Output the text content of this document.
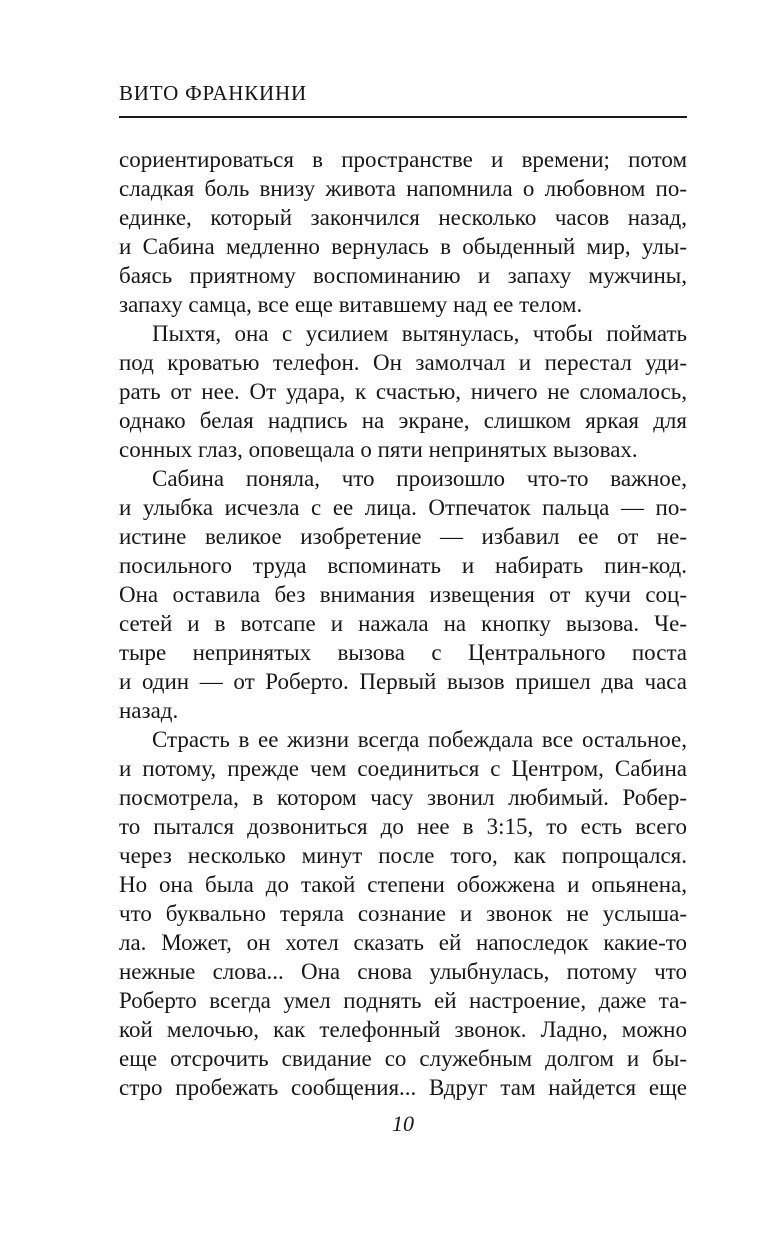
ВИТО ФРАНКИНИ
сориентироваться в пространстве и времени; потом
сладкая боль внизу живота напомнила о любовном по-
единке, который закончился несколько часов назад,
и Сабина медленно вернулась в обыденный мир, улы-
баясь приятному воспоминанию и запаху мужчины,
запаху самца, все еще витавшему над ее телом.
Пыхтя, она с усилием вытянулась, чтобы поймать
под кроватью телефон. Он замолчал и перестал уди-
рать от нее. От удара, к счастью, ничего не сломалось,
однако белая надпись на экране, слишком яркая для
сонных глаз, оповещала о пяти непринятых вызовах.
Сабина поняла, что произошло что-то важное,
и улыбка исчезла с ее лица. Отпечаток пальца — по-
истине великое изобретение — избавил ее от не-
посильного труда вспоминать и набирать пин-код.
Она оставила без внимания извещения от кучи соц-
сетей и в вотсапе и нажала на кнопку вызова. Че-
тыре непринятых вызова с Центрального поста
и один — от Роберто. Первый вызов пришел два часа
назад.
Страсть в ее жизни всегда побеждала все остальное,
и потому, прежде чем соединиться с Центром, Сабина
посмотрела, в котором часу звонил любимый. Робер-
то пытался дозвониться до нее в 3:15, то есть всего
через несколько минут после того, как попрощался.
Но она была до такой степени обожжена и опьянена,
что буквально теряла сознание и звонок не услыша-
ла. Может, он хотел сказать ей напоследок какие-то
нежные слова... Она снова улыбнулась, потому что
Роберто всегда умел поднять ей настроение, даже та-
кой мелочью, как телефонный звонок. Ладно, можно
еще отсрочить свидание со служебным долгом и бы-
стро пробежать сообщения... Вдруг там найдется еще
10
